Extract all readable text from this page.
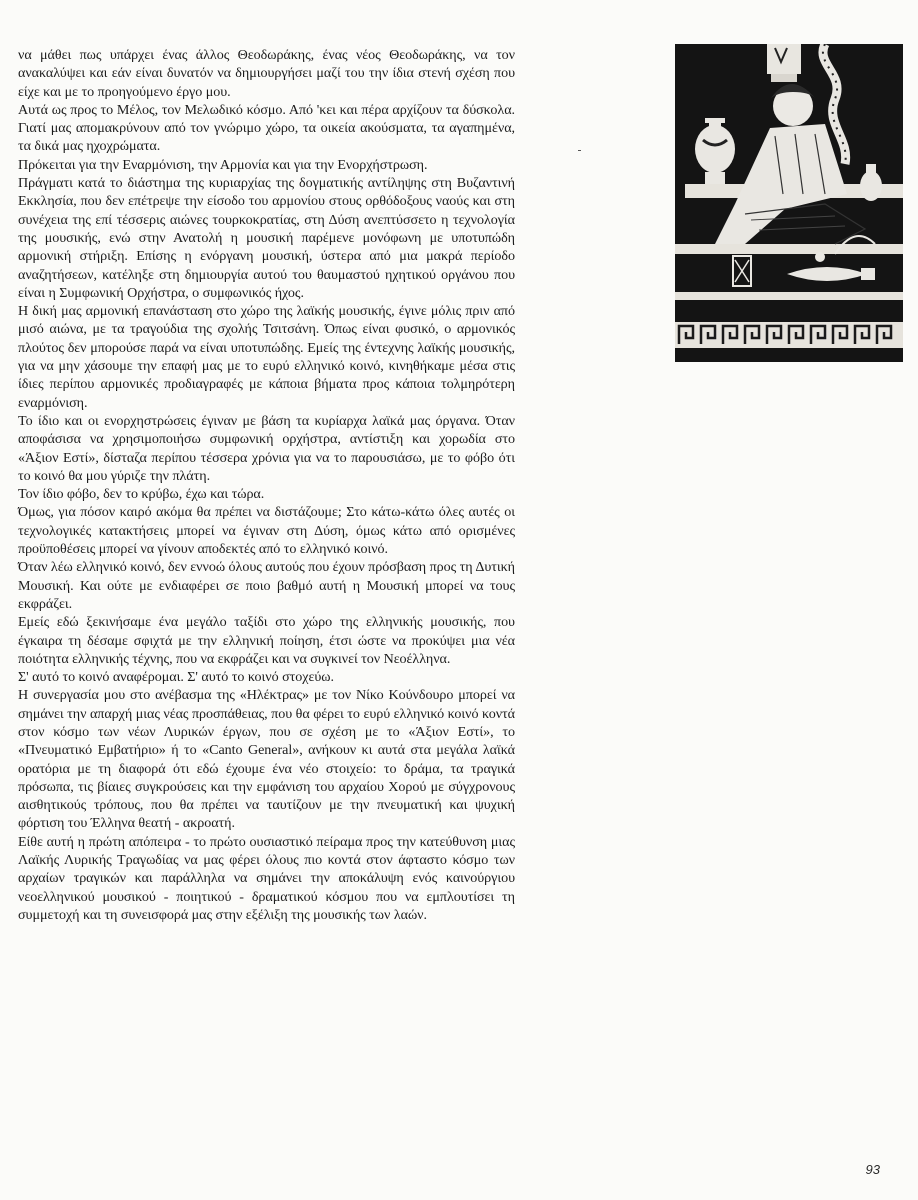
να μάθει πως υπάρχει ένας άλλος Θεοδωράκης, ένας νέος Θεοδωράκης, να τον ανακαλύψει και εάν είναι δυνατόν να δημιουργήσει μαζί του την ίδια στενή σχέση που είχε και με το προηγούμενο έργο μου.

Αυτά ως προς το Μέλος, τον Μελωδικό κόσμο. Από 'κει και πέρα αρχίζουν τα δύσκολα. Γιατί μας απομακρύνουν από τον γνώριμο χώρο, τα οικεία ακούσματα, τα αγαπημένα, τα δικά μας ηχοχρώματα.

Πρόκειται για την Εναρμόνιση, την Αρμονία και για την Ενορχήστρωση.

Πράγματι κατά το διάστημα της κυριαρχίας της δογματικής αντίληψης στη Βυζαντινή Εκκλησία, που δεν επέτρεψε την είσοδο του αρμονίου στους ορθόδοξους ναούς και στη συνέχεια της επί τέσσερις αιώνες τουρκοκρατίας, στη Δύση ανεπτύσσετο η τεχνολογία της μουσικής, ενώ στην Ανατολή η μουσική παρέμενε μονόφωνη με υποτυπώδη αρμονική στήριξη. Επίσης η ενόργανη μουσική, ύστερα από μια μακρά περίοδο αναζητήσεων, κατέληξε στη δημιουργία αυτού του θαυμαστού ηχητικού οργάνου που είναι η Συμφωνική Ορχήστρα, ο συμφωνικός ήχος.

Η δική μας αρμονική επανάσταση στο χώρο της λαϊκής μουσικής, έγινε μόλις πριν από μισό αιώνα, με τα τραγούδια της σχολής Τσιτσάνη. Όπως είναι φυσικό, ο αρμονικός πλούτος δεν μπορούσε παρά να είναι υποτυπώδης. Εμείς της έντεχνης λαϊκής μουσικής, για να μην χάσουμε την επαφή μας με το ευρύ ελληνικό κοινό, κινηθήκαμε μέσα στις ίδιες περίπου αρμονικές προδιαγραφές με κάποια βήματα προς κάποια τολμηρότερη εναρμόνιση.

Το ίδιο και οι ενορχηστρώσεις έγιναν με βάση τα κυρίαρχα λαϊκά μας όργανα. Όταν αποφάσισα να χρησιμοποιήσω συμφωνική ορχήστρα, αντίστιξη και χορωδία στο «Άξιον Εστί», δίσταζα περίπου τέσσερα χρόνια για να το παρουσιάσω, με το φόβο ότι το κοινό θα μου γύριζε την πλάτη.

Τον ίδιο φόβο, δεν το κρύβω, έχω και τώρα.

Όμως, για πόσον καιρό ακόμα θα πρέπει να διστάζουμε; Στο κάτω-κάτω όλες αυτές οι τεχνολογικές κατακτήσεις μπορεί να έγιναν στη Δύση, όμως κάτω από ορισμένες προϋποθέσεις μπορεί να γίνουν αποδεκτές από το ελληνικό κοινό.

Όταν λέω ελληνικό κοινό, δεν εννοώ όλους αυτούς που έχουν πρόσβαση προς τη Δυτική Μουσική. Και ούτε με ενδιαφέρει σε ποιο βαθμό αυτή η Μουσική μπορεί να τους εκφράζει.

Εμείς εδώ ξεκινήσαμε ένα μεγάλο ταξίδι στο χώρο της ελληνικής μουσικής, που έγκαιρα τη δέσαμε σφιχτά με την ελληνική ποίηση, έτσι ώστε να προκύψει μια νέα ποιότητα ελληνικής τέχνης, που να εκφράζει και να συγκινεί τον Νεοέλληνα.

Σ' αυτό το κοινό αναφέρομαι. Σ' αυτό το κοινό στοχεύω.

Η συνεργασία μου στο ανέβασμα της «Ηλέκτρας» με τον Νίκο Κούνδουρο μπορεί να σημάνει την απαρχή μιας νέας προσπάθειας, που θα φέρει το ευρύ ελληνικό κοινό κοντά στον κόσμο των νέων Λυρικών έργων, που σε σχέση με το «Άξιον Εστί», το «Πνευματικό Εμβατήριο» ή το «Canto General», ανήκουν κι αυτά στα μεγάλα λαϊκά ορατόρια με τη διαφορά ότι εδώ έχουμε ένα νέο στοιχείο: το δράμα, τα τραγικά πρόσωπα, τις βίαιες συγκρούσεις και την εμφάνιση του αρχαίου Χορού με σύγχρονους αισθητικούς τρόπους, που θα πρέπει να ταυτίζουν με την πνευματική και ψυχική φόρτιση του Έλληνα θεατή - ακροατή.

Είθε αυτή η πρώτη απόπειρα - το πρώτο ουσιαστικό πείραμα προς την κατεύθυνση μιας Λαϊκής Λυρικής Τραγωδίας να μας φέρει όλους πιο κοντά στον άφταστο κόσμο των αρχαίων τραγικών και παράλληλα να σημάνει την αποκάλυψη ενός καινούργιου νεοελληνικού μουσικού - ποιητικού - δραματικού κόσμου που να εμπλουτίσει τη συμμετοχή και τη συνεισφορά μας στην εξέλιξη της μουσικής των λαών.

93
